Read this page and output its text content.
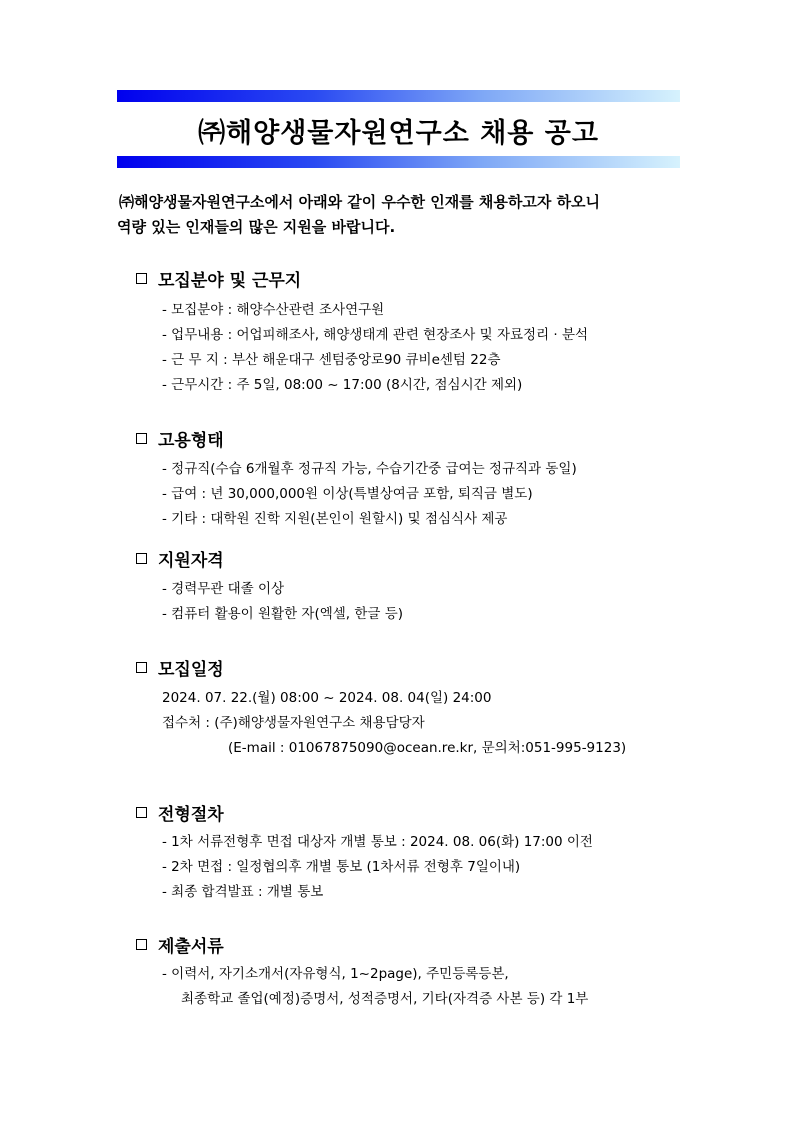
㈜해양생물자원연구소 채용 공고
㈜해양생물자원연구소에서 아래와 같이 우수한 인재를 채용하고자 하오니
역량 있는 인재들의 많은 지원을 바랍니다.
모집분야 및 근무지
- 모집분야 : 해양수산관련 조사연구원
- 업무내용 : 어업피해조사, 해양생태계 관련 현장조사 및 자료정리 · 분석
- 근 무 지 : 부산 해운대구 센텀중앙로90 큐비e센텀 22층
- 근무시간 : 주 5일, 08:00 ~ 17:00 (8시간, 점심시간 제외)
고용형태
- 정규직(수습 6개월후 정규직 가능, 수습기간중 급여는 정규직과 동일)
- 급여 : 년 30,000,000원 이상(특별상여금 포함, 퇴직금 별도)
- 기타 : 대학원 진학 지원(본인이 원할시) 및 점심식사 제공
지원자격
- 경력무관 대졸 이상
- 컴퓨터 활용이 원활한 자(엑셀, 한글 등)
모집일정
2024. 07. 22.(월) 08:00 ~ 2024. 08. 04(일) 24:00
접수처 : (주)해양생물자원연구소 채용담당자
(E-mail : 01067875090@ocean.re.kr, 문의처:051-995-9123)
전형절차
- 1차 서류전형후 면접 대상자 개별 통보 : 2024. 08. 06(화) 17:00 이전
- 2차 면접 : 일정협의후 개별 통보 (1차서류 전형후 7일이내)
- 최종 합격발표 : 개별 통보
제출서류
- 이력서, 자기소개서(자유형식, 1~2page), 주민등록등본,
최종학교 졸업(예정)증명서, 성적증명서, 기타(자격증 사본 등) 각 1부
